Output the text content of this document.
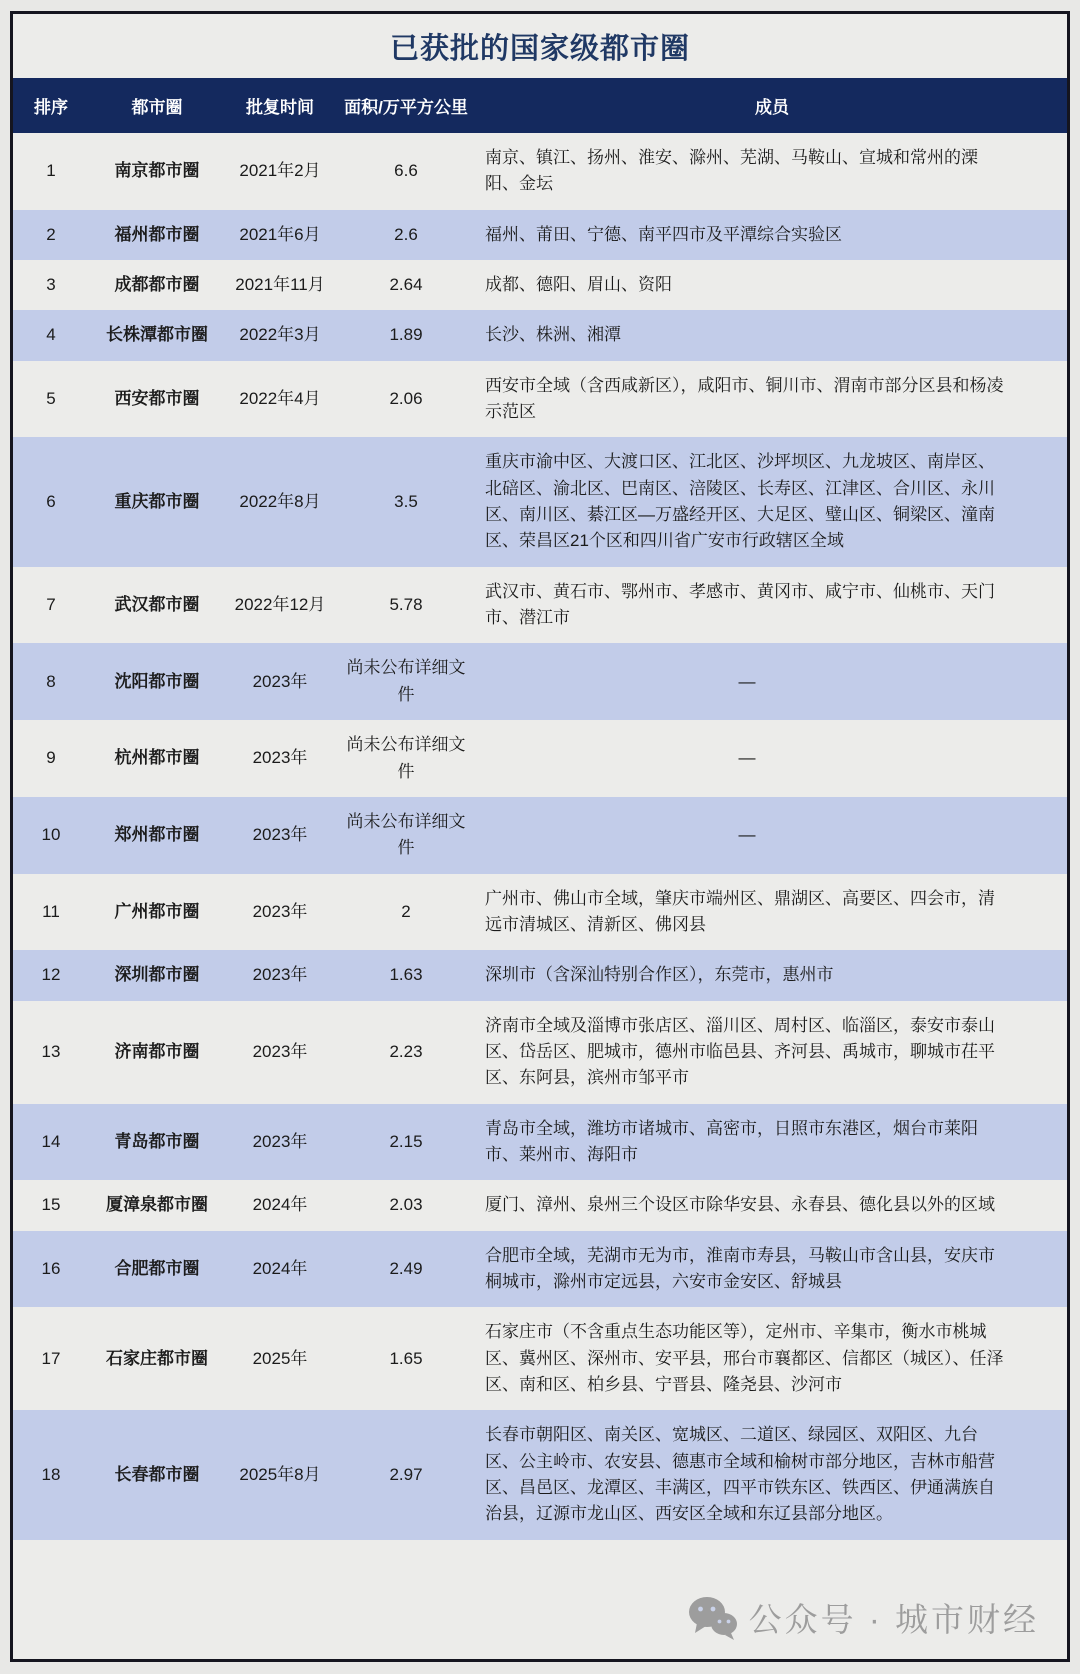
已获批的国家级都市圈
排序	都市圈	批复时间	面积/万平方公里	成员
1	南京都市圈	2021年2月	6.6	南京、镇江、扬州、淮安、滁州、芜湖、马鞍山、宣城和常州的溧阳、金坛
2	福州都市圈	2021年6月	2.6	福州、莆田、宁德、南平四市及平潭综合实验区
3	成都都市圈	2021年11月	2.64	成都、德阳、眉山、资阳
4	长株潭都市圈	2022年3月	1.89	长沙、株洲、湘潭
5	西安都市圈	2022年4月	2.06	西安市全域（含西咸新区），咸阳市、铜川市、渭南市部分区县和杨凌示范区
6	重庆都市圈	2022年8月	3.5	重庆市渝中区、大渡口区、江北区、沙坪坝区、九龙坡区、南岸区、北碚区、渝北区、巴南区、涪陵区、长寿区、江津区、合川区、永川区、南川区、綦江区—万盛经开区、大足区、璧山区、铜梁区、潼南区、荣昌区21个区和四川省广安市行政辖区全域
7	武汉都市圈	2022年12月	5.78	武汉市、黄石市、鄂州市、孝感市、黄冈市、咸宁市、仙桃市、天门市、潜江市
8	沈阳都市圈	2023年	尚未公布详细文件	—
9	杭州都市圈	2023年	尚未公布详细文件	—
10	郑州都市圈	2023年	尚未公布详细文件	—
11	广州都市圈	2023年	2	广州市、佛山市全域，肇庆市端州区、鼎湖区、高要区、四会市，清远市清城区、清新区、佛冈县
12	深圳都市圈	2023年	1.63	深圳市（含深汕特别合作区），东莞市，惠州市
13	济南都市圈	2023年	2.23	济南市全域及淄博市张店区、淄川区、周村区、临淄区，泰安市泰山区、岱岳区、肥城市，德州市临邑县、齐河县、禹城市，聊城市茌平区、东阿县，滨州市邹平市
14	青岛都市圈	2023年	2.15	青岛市全域，潍坊市诸城市、高密市，日照市东港区，烟台市莱阳市、莱州市、海阳市
15	厦漳泉都市圈	2024年	2.03	厦门、漳州、泉州三个设区市除华安县、永春县、德化县以外的区域
16	合肥都市圈	2024年	2.49	合肥市全域，芜湖市无为市，淮南市寿县，马鞍山市含山县，安庆市桐城市，滁州市定远县，六安市金安区、舒城县
17	石家庄都市圈	2025年	1.65	石家庄市（不含重点生态功能区等），定州市、辛集市，衡水市桃城区、冀州区、深州市、安平县，邢台市襄都区、信都区（城区）、任泽区、南和区、柏乡县、宁晋县、隆尧县、沙河市
18	长春都市圈	2025年8月	2.97	长春市朝阳区、南关区、宽城区、二道区、绿园区、双阳区、九台区、公主岭市、农安县、德惠市全域和榆树市部分地区，吉林市船营区、昌邑区、龙潭区、丰满区，四平市铁东区、铁西区、伊通满族自治县，辽源市龙山区、西安区全域和东辽县部分地区。
公众号 · 城市财经
